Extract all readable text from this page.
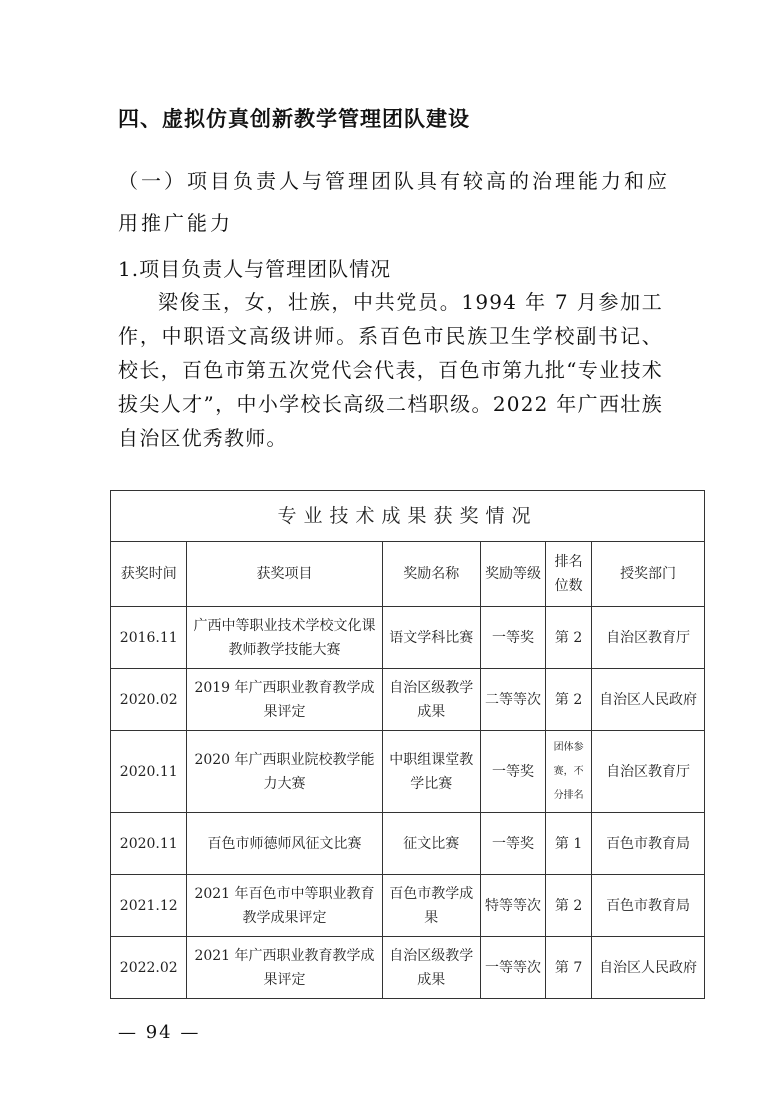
四、虚拟仿真创新教学管理团队建设
（一）项目负责人与管理团队具有较高的治理能力和应用推广能力
1.项目负责人与管理团队情况
梁俊玉，女，壮族，中共党员。1994 年 7 月参加工作，中职语文高级讲师。系百色市民族卫生学校副书记、校长，百色市第五次党代会代表，百色市第九批“专业技术拔尖人才”，中小学校长高级二档职级。2022 年广西壮族自治区优秀教师。
专业技术成果获奖情况					
获奖时间	获奖项目	奖励名称	奖励等级	排名位数	授奖部门
2016.11	广西中等职业技术学校文化课教师教学技能大赛	语文学科比赛	一等奖	第 2	自治区教育厅
2020.02	2019 年广西职业教育教学成果评定	自治区级教学成果	二等等次	第 2	自治区人民政府
2020.11	2020 年广西职业院校教学能力大赛	中职组课堂教学比赛	一等奖	团体参赛，不分排名	自治区教育厅
2020.11	百色市师德师风征文比赛	征文比赛	一等奖	第 1	百色市教育局
2021.12	2021 年百色市中等职业教育教学成果评定	百色市教学成果	特等等次	第 2	百色市教育局
2022.02	2021 年广西职业教育教学成果评定	自治区级教学成果	一等等次	第 7	自治区人民政府
— 94 —
